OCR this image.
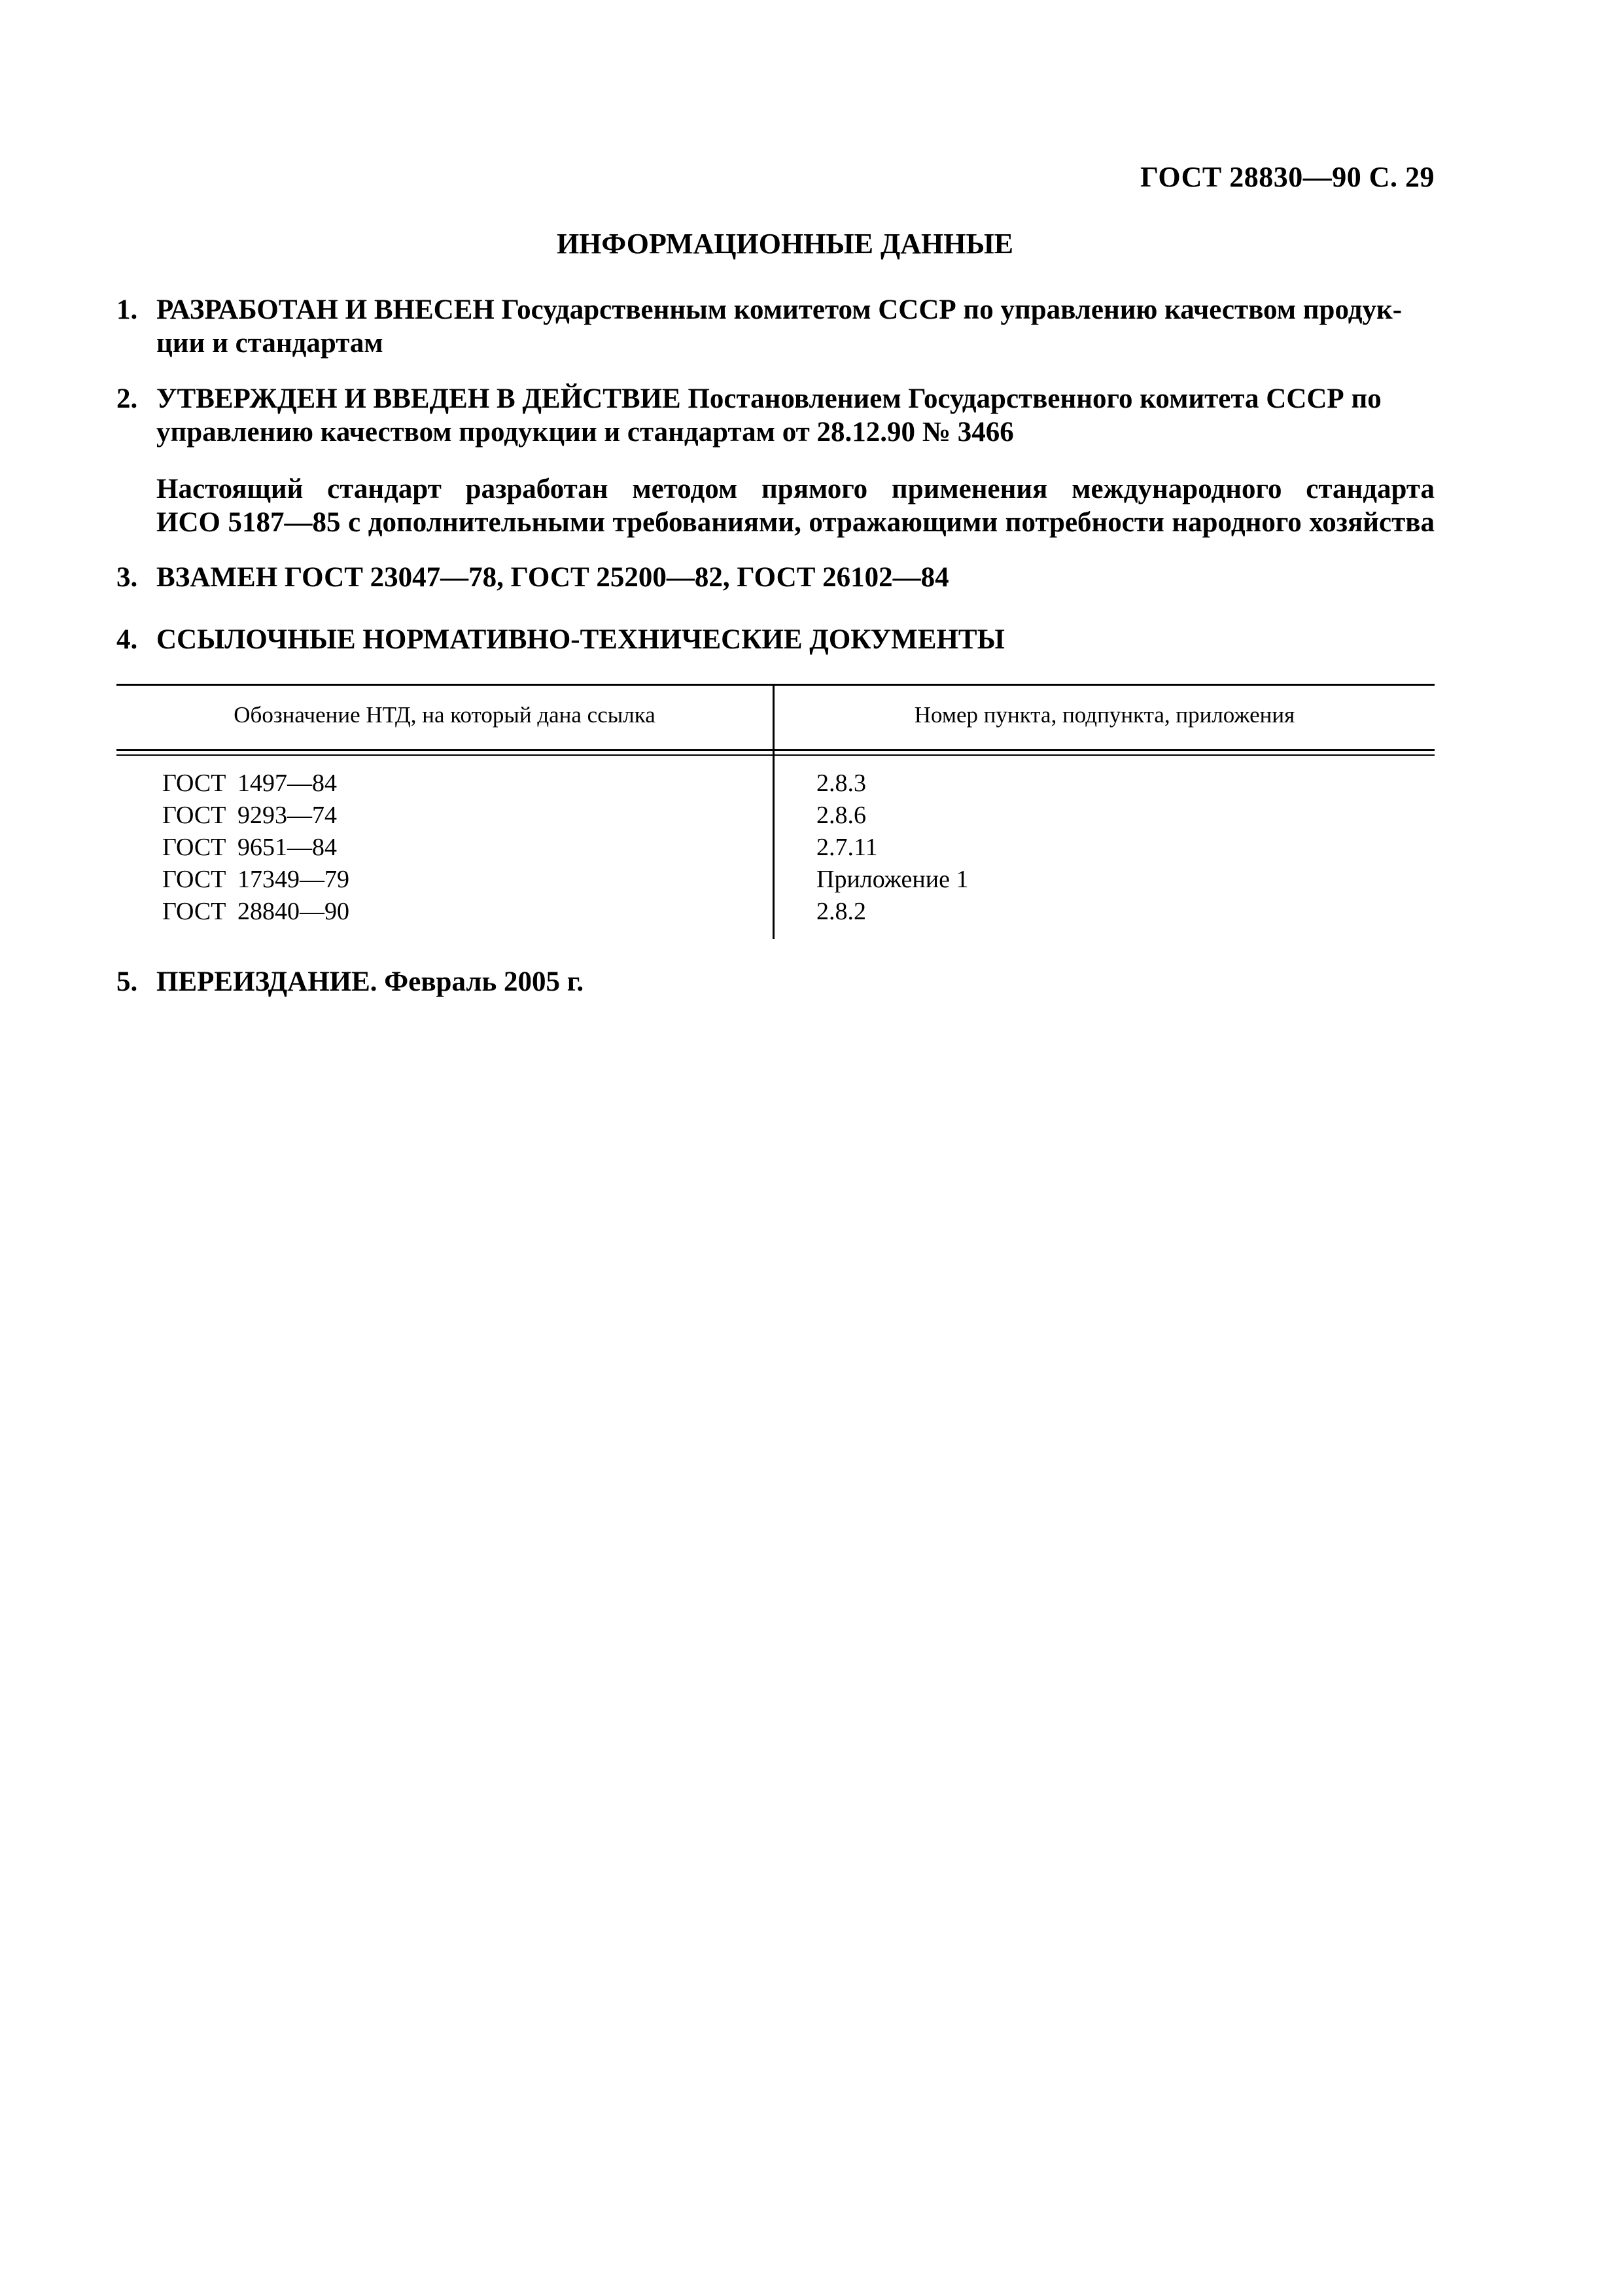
ГОСТ 28830—90 С. 29
ИНФОРМАЦИОННЫЕ ДАННЫЕ
1. РАЗРАБОТАН И ВНЕСЕН Государственным комитетом СССР по управлению качеством продук-
ции и стандартам
2. УТВЕРЖДЕН И ВВЕДЕН В ДЕЙСТВИЕ Постановлением Государственного комитета СССР по
управлению качеством продукции и стандартам от 28.12.90 № 3466
Настоящий стандарт разработан методом прямого применения международного стандарта
ИСО 5187—85 с дополнительными требованиями, отражающими потребности народного хозяйства
3. ВЗАМЕН ГОСТ 23047—78, ГОСТ 25200—82, ГОСТ 26102—84
4. ССЫЛОЧНЫЕ НОРМАТИВНО-ТЕХНИЧЕСКИЕ ДОКУМЕНТЫ
Обозначение НТД, на который дана ссылка	Номер пункта, подпункта, приложения
ГОСТ 1497—84
ГОСТ 9293—74
ГОСТ 9651—84
ГОСТ 17349—79
ГОСТ 28840—90
2.8.3
2.8.6
2.7.11
Приложение 1
2.8.2
5. ПЕРЕИЗДАНИЕ. Февраль 2005 г.
